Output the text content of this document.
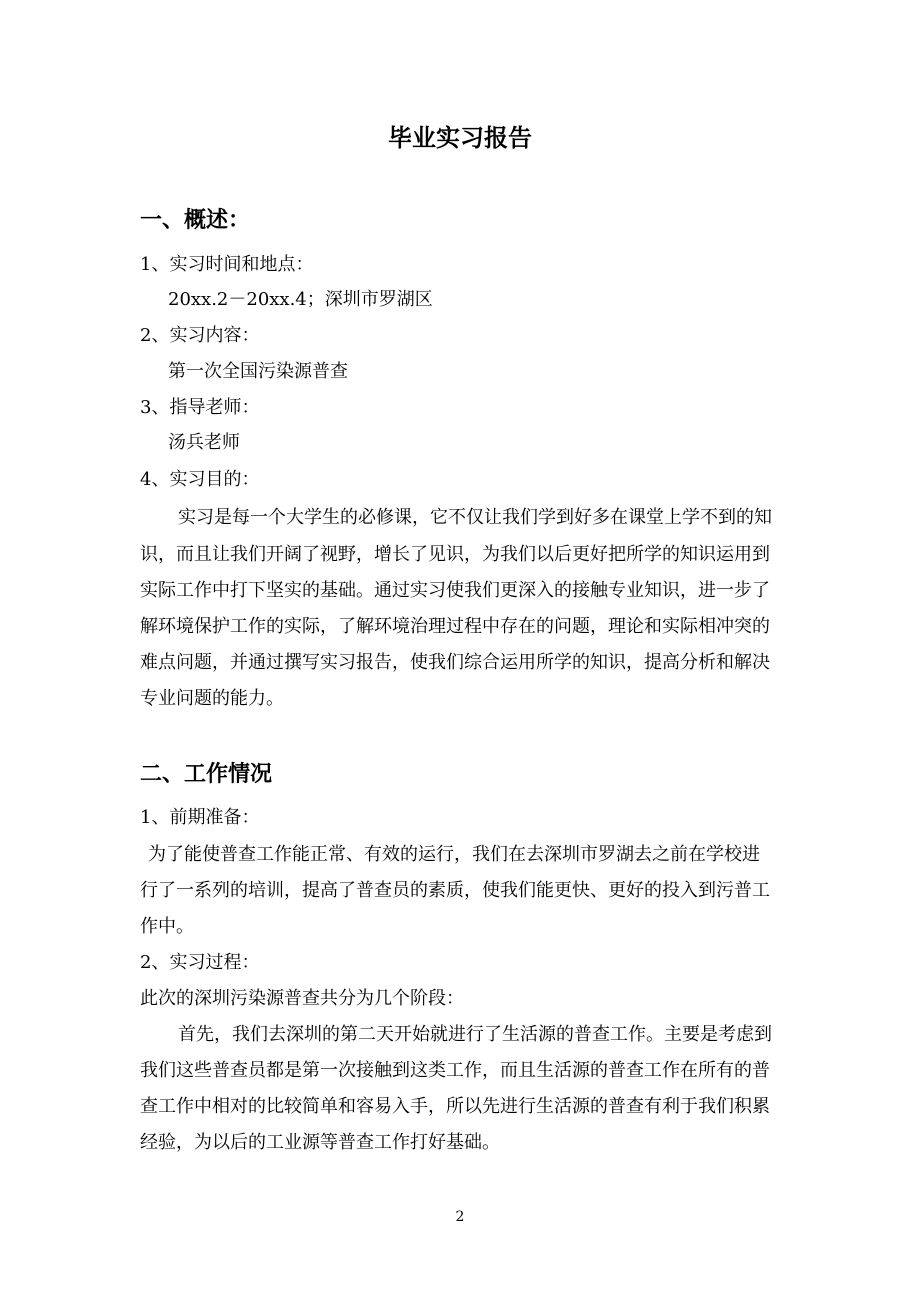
毕业实习报告
一、概述：
1、实习时间和地点：
20xx.2－20xx.4；深圳市罗湖区
2、实习内容：
第一次全国污染源普查
3、指导老师：
汤兵老师
4、实习目的：
实习是每一个大学生的必修课，它不仅让我们学到好多在课堂上学不到的知
识，而且让我们开阔了视野，增长了见识，为我们以后更好把所学的知识运用到
实际工作中打下坚实的基础。通过实习使我们更深入的接触专业知识，进一步了
解环境保护工作的实际，了解环境治理过程中存在的问题，理论和实际相冲突的
难点问题，并通过撰写实习报告，使我们综合运用所学的知识，提高分析和解决
专业问题的能力。
二、工作情况
1、前期准备：
为了能使普查工作能正常、有效的运行，我们在去深圳市罗湖去之前在学校进
行了一系列的培训，提高了普查员的素质，使我们能更快、更好的投入到污普工
作中。
2、实习过程：
此次的深圳污染源普查共分为几个阶段：
首先，我们去深圳的第二天开始就进行了生活源的普查工作。主要是考虑到
我们这些普查员都是第一次接触到这类工作，而且生活源的普查工作在所有的普
查工作中相对的比较简单和容易入手，所以先进行生活源的普查有利于我们积累
经验，为以后的工业源等普查工作打好基础。
2
